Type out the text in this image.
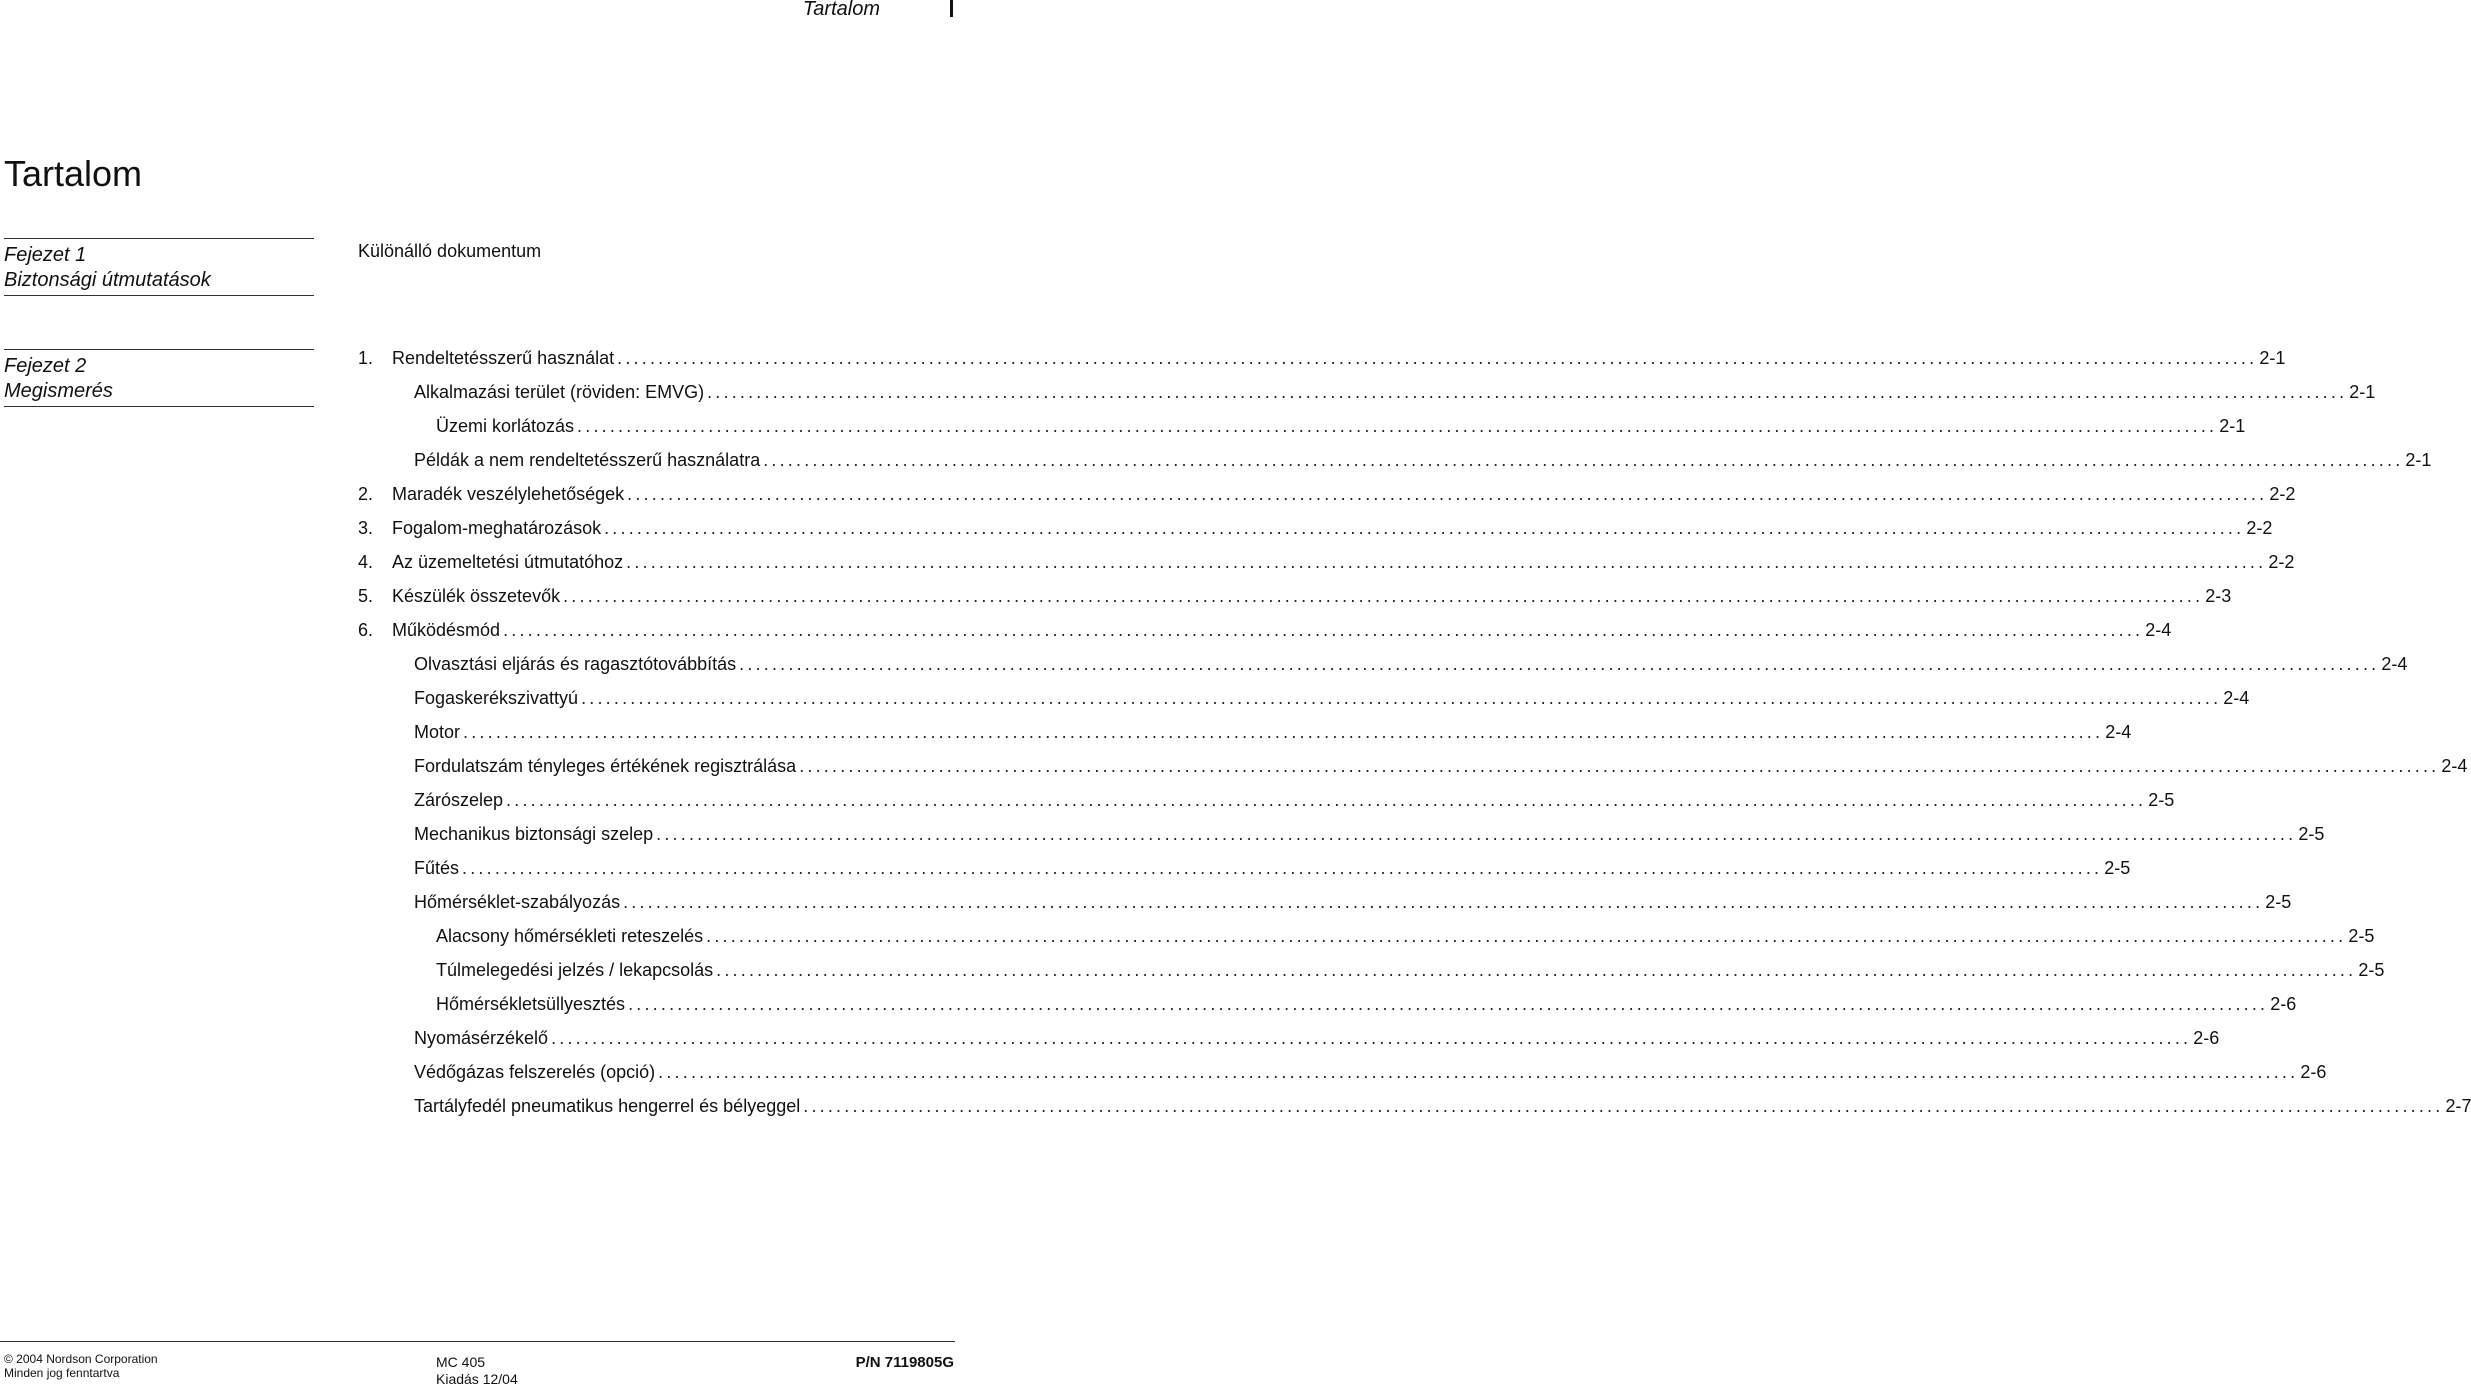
Tartalom
Tartalom
Fejezet 1
Biztonsági útmutatások
Különálló dokumentum
Fejezet 2
Megismerés
1. Rendeltetésszerű használat ........................................................................................................................................................................................................ 2-1
Alkalmazási terület (röviden: EMVG) ........................................................................................................................................................................................................ 2-1
Üzemi korlátozás ........................................................................................................................................................................................................ 2-1
Példák a nem rendeltetésszerű használatra ........................................................................................................................................................................................................ 2-1
2. Maradék veszélylehetőségek ........................................................................................................................................................................................................ 2-2
3. Fogalom-meghatározások ........................................................................................................................................................................................................ 2-2
4. Az üzemeltetési útmutatóhoz ........................................................................................................................................................................................................ 2-2
5. Készülék összetevők ........................................................................................................................................................................................................ 2-3
6. Működésmód ........................................................................................................................................................................................................ 2-4
Olvasztási eljárás és ragasztótovábbítás ........................................................................................................................................................................................................ 2-4
Fogaskerékszivattyú ........................................................................................................................................................................................................ 2-4
Motor ........................................................................................................................................................................................................ 2-4
Fordulatszám tényleges értékének regisztrálása ........................................................................................................................................................................................................ 2-4
Zárószelep ........................................................................................................................................................................................................ 2-5
Mechanikus biztonsági szelep ........................................................................................................................................................................................................ 2-5
Fűtés ........................................................................................................................................................................................................ 2-5
Hőmérséklet-szabályozás ........................................................................................................................................................................................................ 2-5
Alacsony hőmérsékleti reteszelés ........................................................................................................................................................................................................ 2-5
Túlmelegedési jelzés / lekapcsolás ........................................................................................................................................................................................................ 2-5
Hőmérsékletsüllyesztés ........................................................................................................................................................................................................ 2-6
Nyomásérzékelő ........................................................................................................................................................................................................ 2-6
Védőgázas felszerelés (opció) ........................................................................................................................................................................................................ 2-6
Tartályfedél pneumatikus hengerrel és bélyeggel ........................................................................................................................................................................................................ 2-7
© 2004 Nordson Corporation
Minden jog fenntartva
MC 405
Kiadás 12/04
P/N 7119805G
